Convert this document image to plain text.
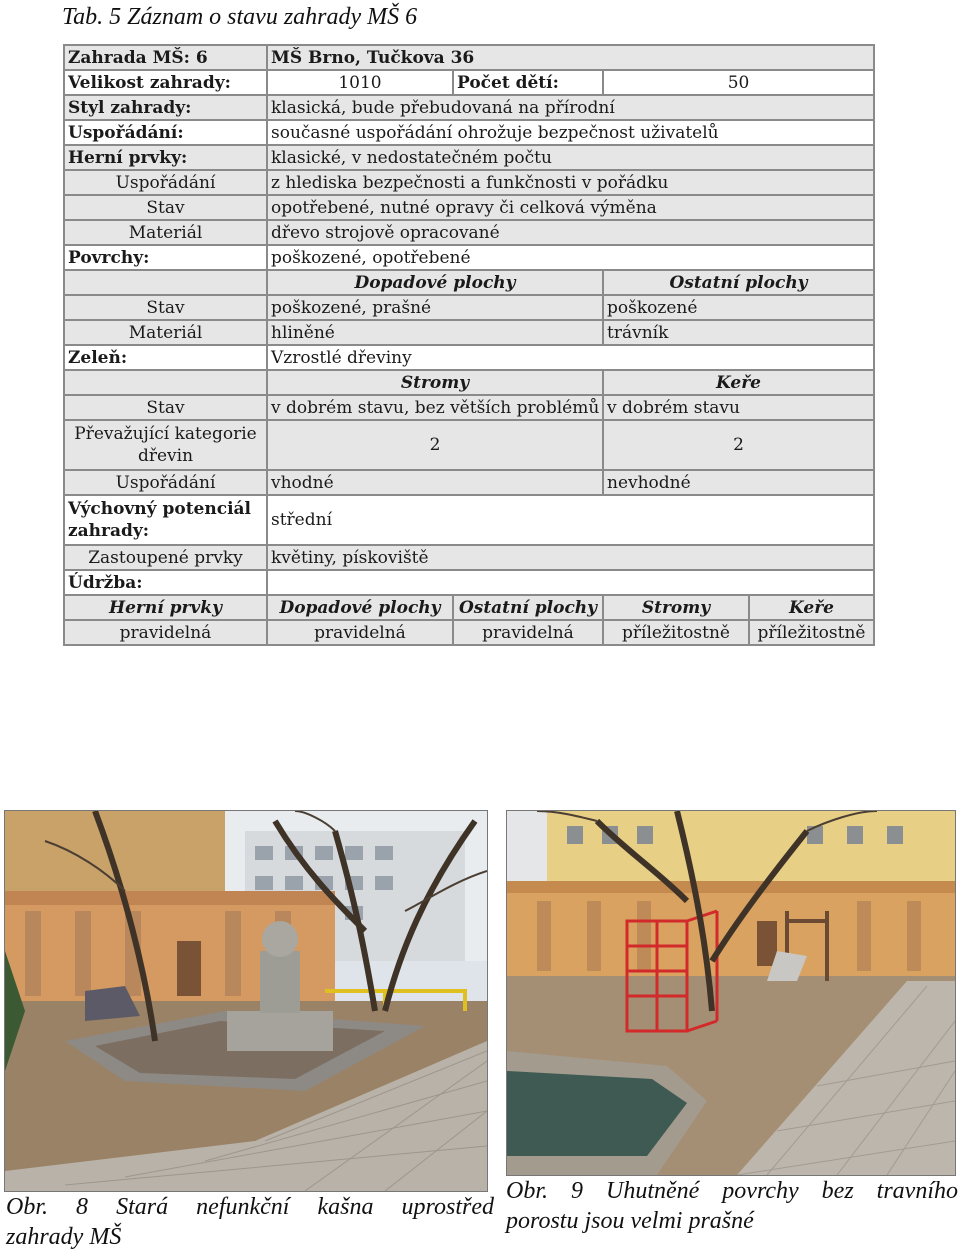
Tab. 5 Záznam o stavu zahrady MŠ 6
Zahrada MŠ: 6	MŠ Brno, Tučkova 36			
Velikost zahrady:	1010	Počet dětí:	50	
Styl zahrady:	klasická, bude přebudovaná na přírodní			
Uspořádání:	současné uspořádání ohrožuje bezpečnost uživatelů			
Herní prvky:	klasické, v nedostatečném počtu			
Uspořádání	z hlediska bezpečnosti a funkčnosti v pořádku			
Stav	opotřebené, nutné opravy či celková výměna			
Materiál	dřevo strojově opracované			
Povrchy:	poškozené, opotřebené			
	Dopadové plochy		Ostatní plochy	
Stav	poškozené, prašné		poškozené	
Materiál	hliněné		trávník	
Zeleň:	Vzrostlé dřeviny			
	Stromy		Keře	
Stav	v dobrém stavu, bez větších problémů		v dobrém stavu	
Převažující kategorie dřevin	2		2	
Uspořádání	vhodné		nevhodné	
Výchovný potenciál zahrady:	střední			
Zastoupené prvky	květiny, pískoviště			
Údržba:				
Herní prvky	Dopadové plochy	Ostatní plochy	Stromy	Keře
pravidelná	pravidelná	pravidelná	příležitostně	příležitostně
Obr. 8 Stará nefunkční kašna uprostřed
zahrady MŠ
Obr. 9 Uhutněné povrchy bez travního
porostu jsou velmi prašné
